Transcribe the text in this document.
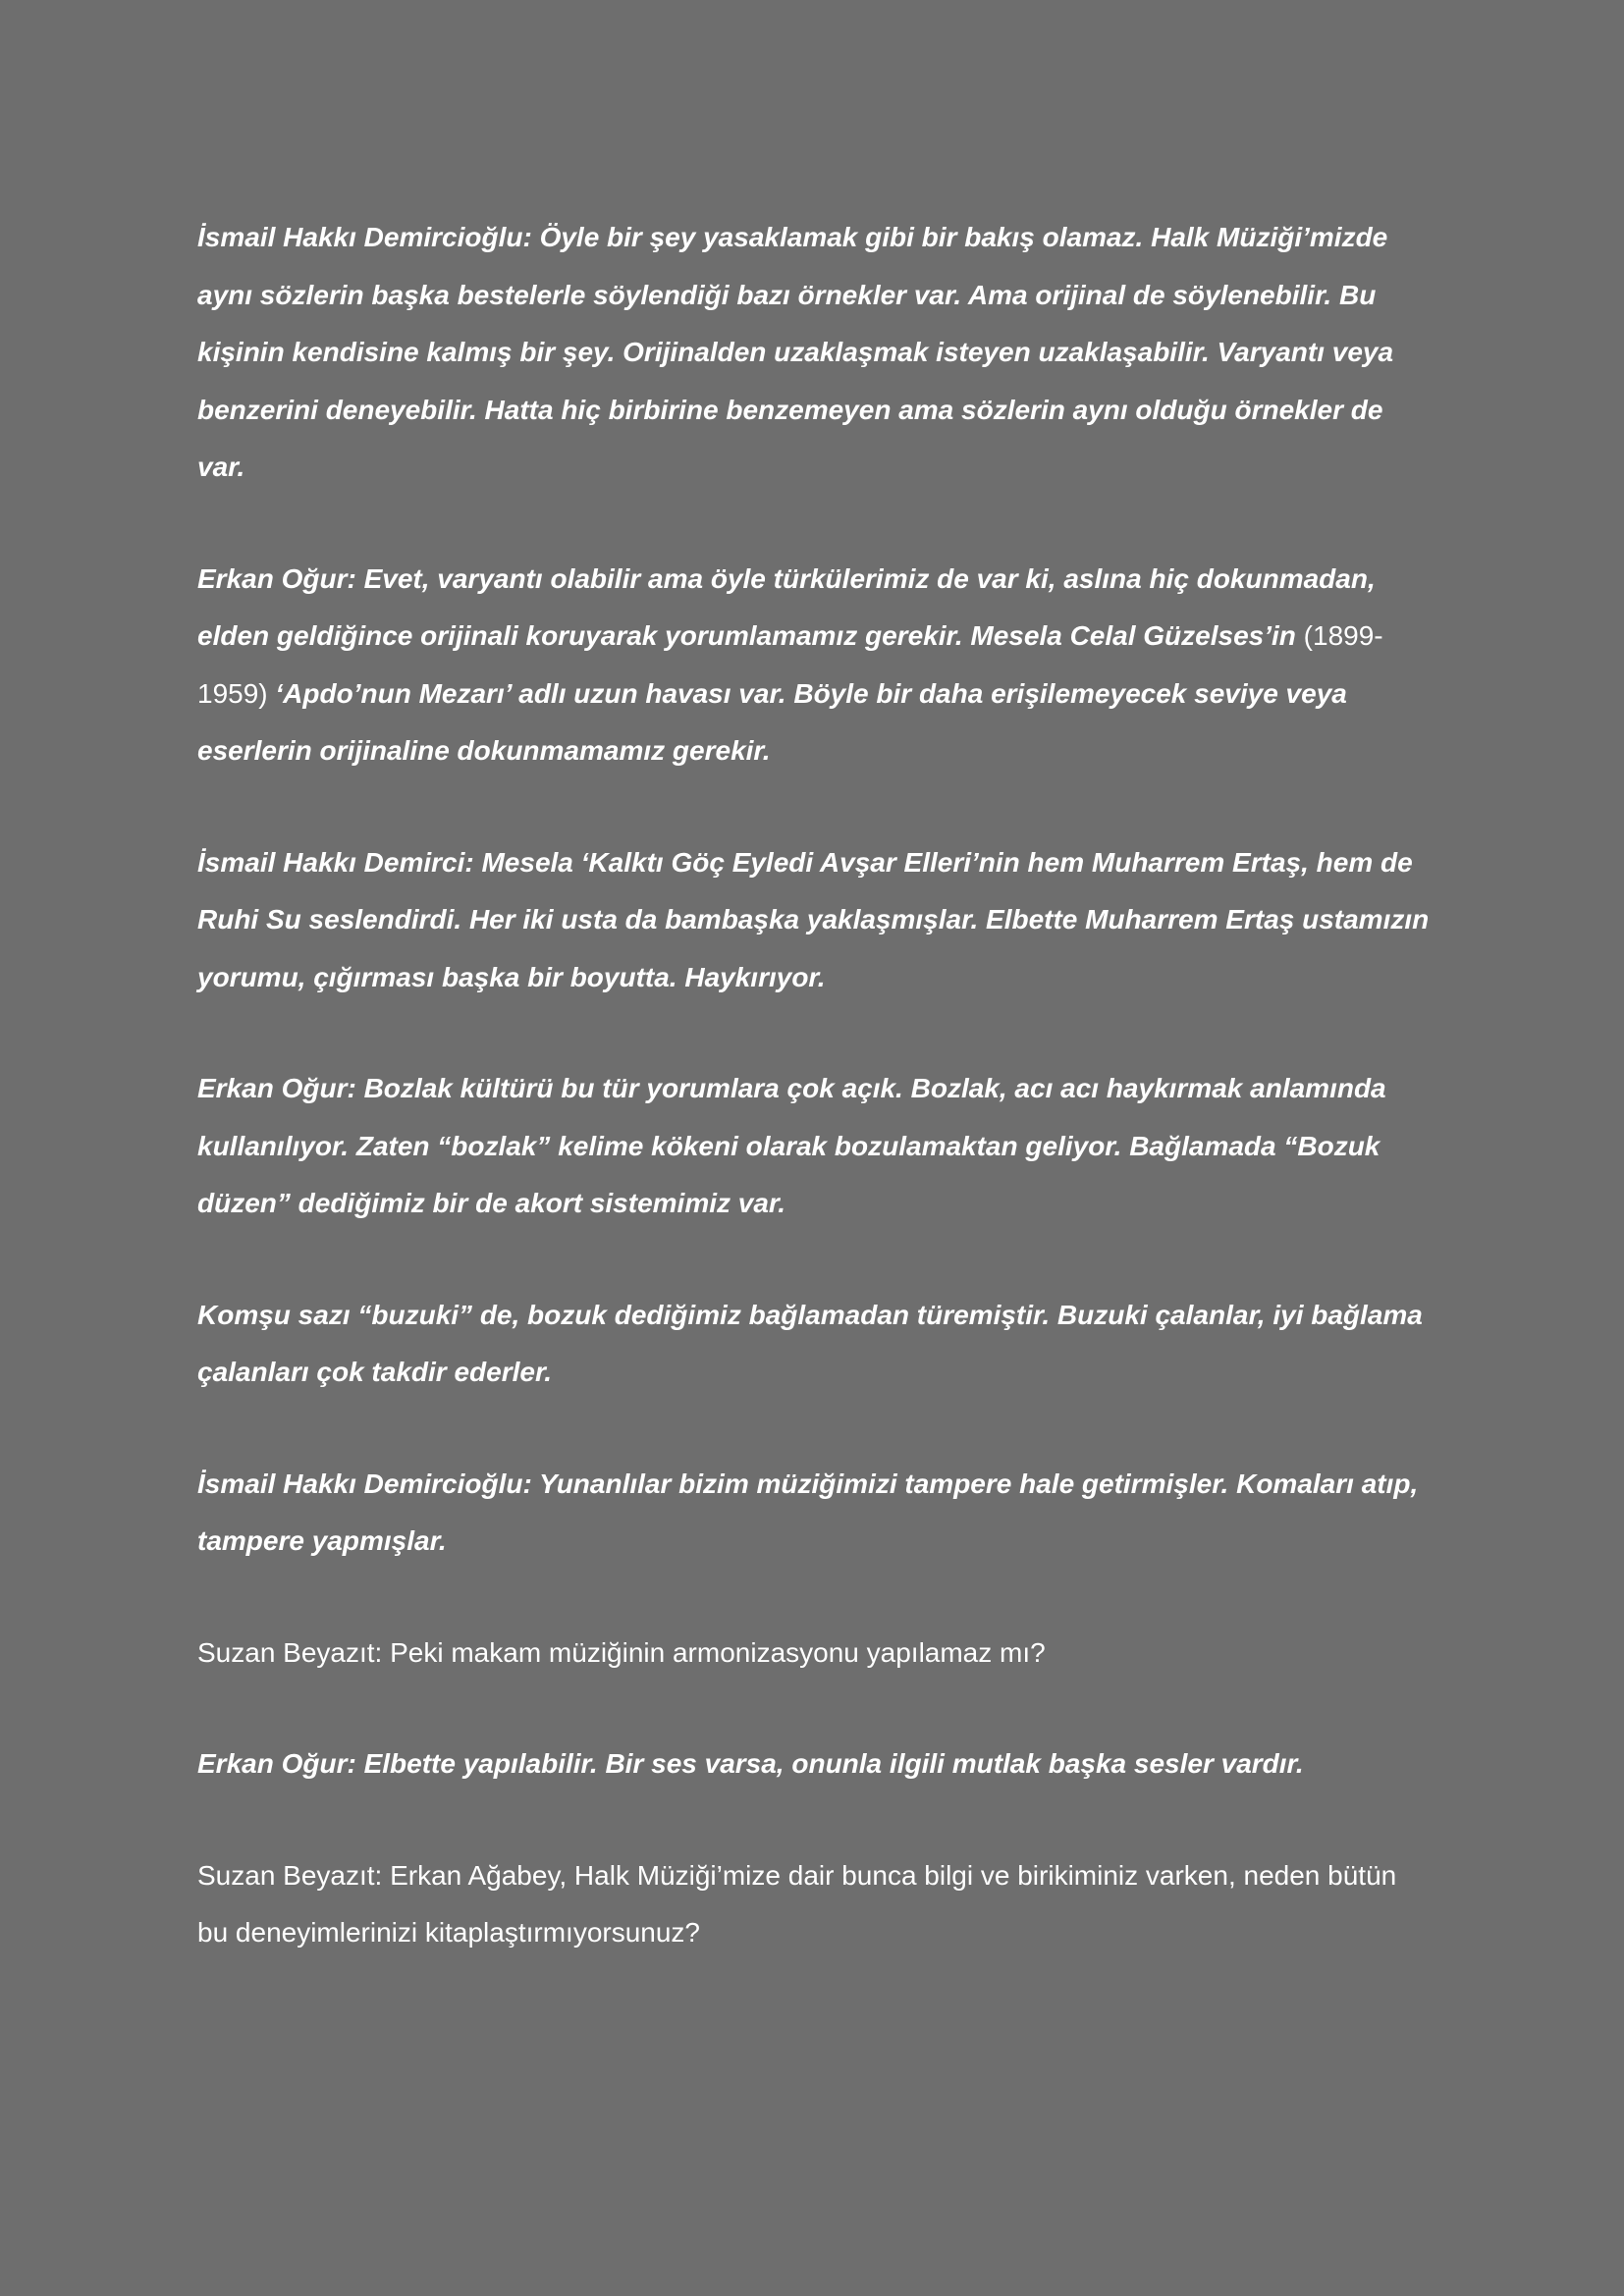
İsmail Hakkı Demircioğlu: Öyle bir şey yasaklamak gibi bir bakış olamaz. Halk Müziği’mizde aynı sözlerin başka bestelerle söylendiği bazı örnekler var. Ama orijinal de söylenebilir. Bu kişinin kendisine kalmış bir şey. Orijinalden uzaklaşmak isteyen uzaklaşabilir. Varyantı veya benzerini deneyebilir. Hatta hiç birbirine benzemeyen ama sözlerin aynı olduğu örnekler de var.

Erkan Oğur: Evet, varyantı olabilir ama öyle türkülerimiz de var ki, aslına hiç dokunmadan, elden geldiğince orijinali koruyarak yorumlamamız gerekir. Mesela Celal Güzelses’in (1899-1959) ‘Apdo’nun Mezarı’ adlı uzun havası var. Böyle bir daha erişilemeyecek seviye veya eserlerin orijinaline dokunmamamız gerekir.

İsmail Hakkı Demirci: Mesela ‘Kalktı Göç Eyledi Avşar Elleri’nin hem Muharrem Ertaş, hem de Ruhi Su seslendirdi. Her iki usta da bambaşka yaklaşmışlar. Elbette Muharrem Ertaş ustamızın yorumu, çığırması başka bir boyutta. Haykırıyor.

Erkan Oğur: Bozlak kültürü bu tür yorumlara çok açık. Bozlak, acı acı haykırmak anlamında kullanılıyor. Zaten “bozlak” kelime kökeni olarak bozulamaktan geliyor. Bağlamada “Bozuk düzen” dediğimiz bir de akort sistemimiz var.

Komşu sazı “buzuki” de, bozuk dediğimiz bağlamadan türemiştir. Buzuki çalanlar, iyi bağlama çalanları çok takdir ederler.

İsmail Hakkı Demircioğlu: Yunanlılar bizim müziğimizi tampere hale getirmişler. Komaları atıp, tampere yapmışlar.

Suzan Beyazıt: Peki makam müziğinin armonizasyonu yapılamaz mı?

Erkan Oğur: Elbette yapılabilir. Bir ses varsa, onunla ilgili mutlak başka sesler vardır.

Suzan Beyazıt: Erkan Ağabey, Halk Müziği’mize dair bunca bilgi ve birikiminiz varken, neden bütün bu deneyimlerinizi kitaplaştırmıyorsunuz?
